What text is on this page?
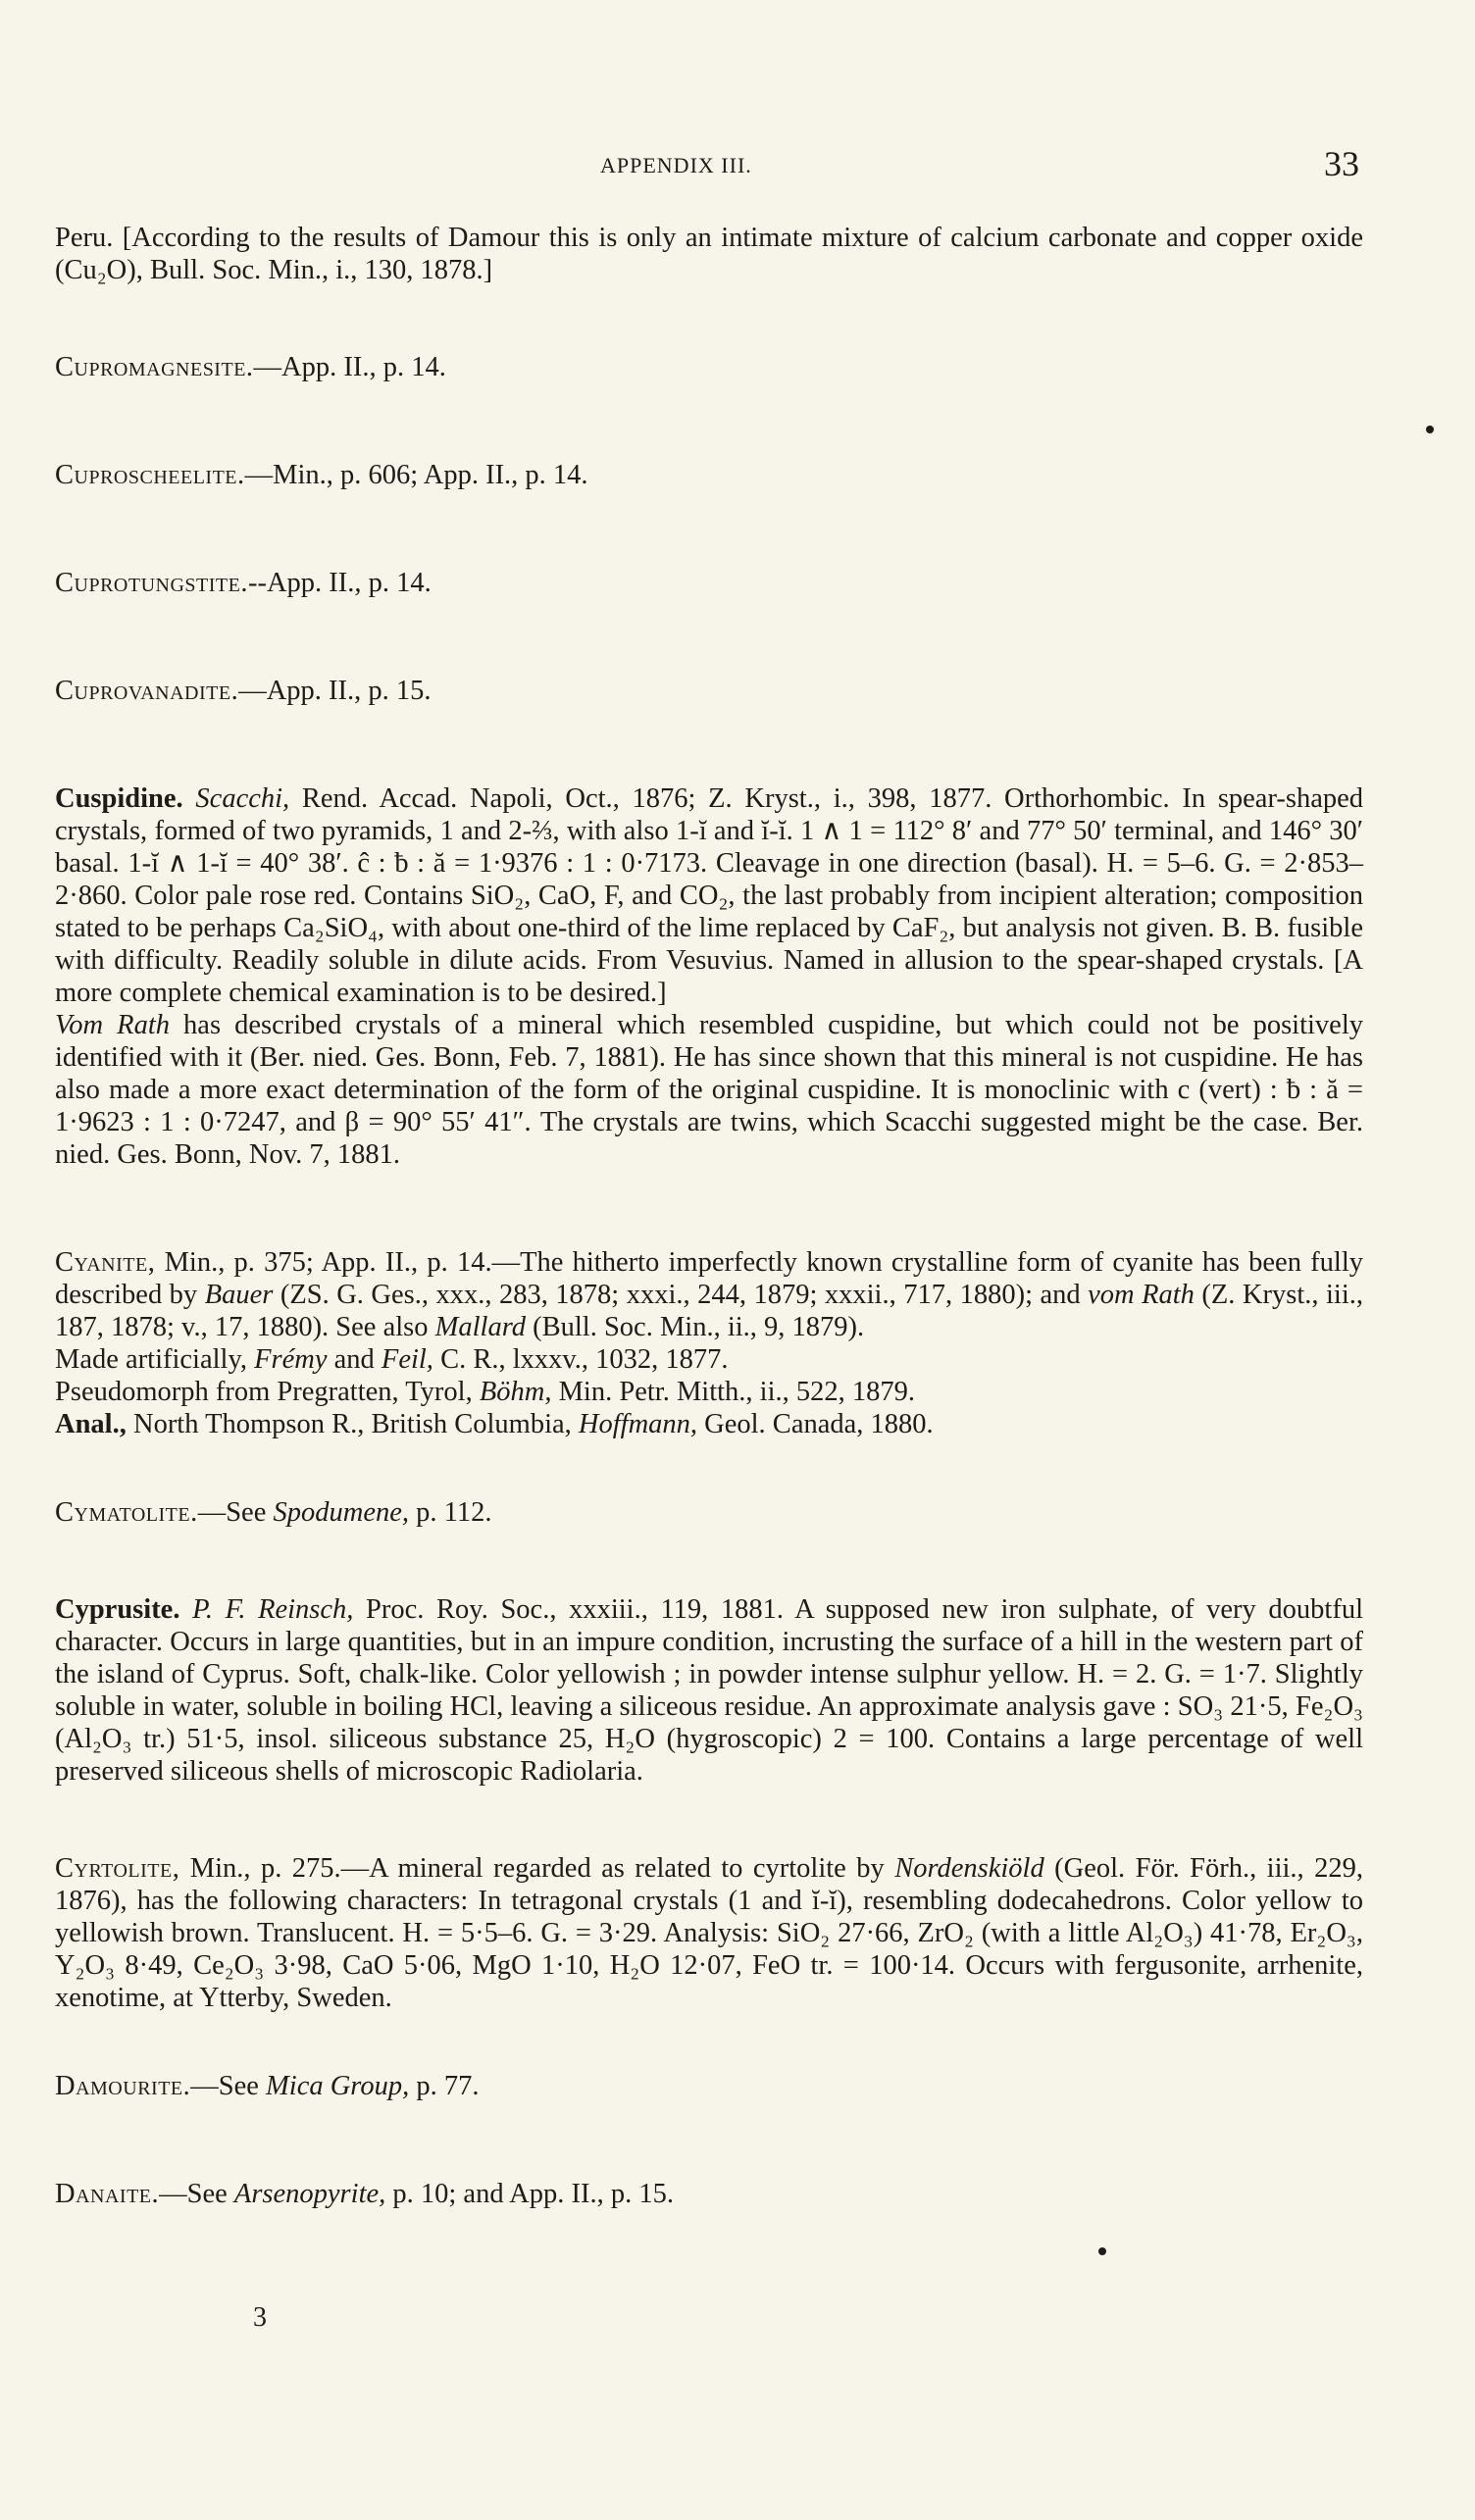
APPENDIX III.	33

Peru. [According to the results of Damour this is only an intimate mixture of calcium carbonate and copper oxide (Cu₂O), Bull. Soc. Min., i., 130, 1878.]

Cupromagnesite.—App. II., p. 14.

Cuproscheelite.—Min., p. 606; App. II., p. 14.

Cuprotungstite.--App. II., p. 14.

Cuprovanadite.—App. II., p. 15.

Cuspidine. Scacchi, Rend. Accad. Napoli, Oct., 1876; Z. Kryst., i., 398, 1877. Orthorhombic. In spear-shaped crystals, formed of two pyramids, 1 and 2-⅔, with also 1-ĭ and ĭ-ĭ. 1 ∧ 1 = 112° 8′ and 77° 50′ terminal, and 146° 30′ basal. 1-ĭ ∧ 1-ĭ = 40° 38′. ĉ : ƀ : ă = 1·9376 : 1 : 0·7173. Cleavage in one direction (basal). H. = 5–6. G. = 2·853–2·860. Color pale rose red. Contains SiO₂, CaO, F, and CO₂, the last probably from incipient alteration; composition stated to be perhaps Ca₂SiO₄, with about one-third of the lime replaced by CaF₂, but analysis not given. B. B. fusible with difficulty. Readily soluble in dilute acids. From Vesuvius. Named in allusion to the spear-shaped crystals. [A more complete chemical examination is to be desired.]

Vom Rath has described crystals of a mineral which resembled cuspidine, but which could not be positively identified with it (Ber. nied. Ges. Bonn, Feb. 7, 1881). He has since shown that this mineral is not cuspidine. He has also made a more exact determination of the form of the original cuspidine. It is monoclinic with c (vert) : ƀ : ă = 1·9623 : 1 : 0·7247, and β = 90° 55′ 41″. The crystals are twins, which Scacchi suggested might be the case. Ber. nied. Ges. Bonn, Nov. 7, 1881.

Cyanite, Min., p. 375; App. II., p. 14.—The hitherto imperfectly known crystalline form of cyanite has been fully described by Bauer (ZS. G. Ges., xxx., 283, 1878; xxxi., 244, 1879; xxxii., 717, 1880); and vom Rath (Z. Kryst., iii., 187, 1878; v., 17, 1880). See also Mallard (Bull. Soc. Min., ii., 9, 1879).

Made artificially, Frémy and Feil, C. R., lxxxv., 1032, 1877.

Pseudomorph from Pregratten, Tyrol, Böhm, Min. Petr. Mitth., ii., 522, 1879.

Anal., North Thompson R., British Columbia, Hoffmann, Geol. Canada, 1880.

Cymatolite.—See Spodumene, p. 112.

Cyprusite. P. F. Reinsch, Proc. Roy. Soc., xxxiii., 119, 1881. A supposed new iron sulphate, of very doubtful character. Occurs in large quantities, but in an impure condition, incrusting the surface of a hill in the western part of the island of Cyprus. Soft, chalk-like. Color yellowish ; in powder intense sulphur yellow. H. = 2. G. = 1·7. Slightly soluble in water, soluble in boiling HCl, leaving a siliceous residue. An approximate analysis gave : SO₃ 21·5, Fe₂O₃ (Al₂O₃ tr.) 51·5, insol. siliceous substance 25, H₂O (hygroscopic) 2 = 100. Contains a large percentage of well preserved siliceous shells of microscopic Radiolaria.

Cyrtolite, Min., p. 275.—A mineral regarded as related to cyrtolite by Nordenskiöld (Geol. För. Förh., iii., 229, 1876), has the following characters: In tetragonal crystals (1 and ĭ-ĭ), resembling dodecahedrons. Color yellow to yellowish brown. Translucent. H. = 5·5–6. G. = 3·29. Analysis: SiO₂ 27·66, ZrO₂ (with a little Al₂O₃) 41·78, Er₂O₃, Y₂O₃ 8·49, Ce₂O₃ 3·98, CaO 5·06, MgO 1·10, H₂O 12·07, FeO tr. = 100·14. Occurs with fergusonite, arrhenite, xenotime, at Ytterby, Sweden.

Damourite.—See Mica Group, p. 77.

Danaite.—See Arsenopyrite, p. 10; and App. II., p. 15.

3
